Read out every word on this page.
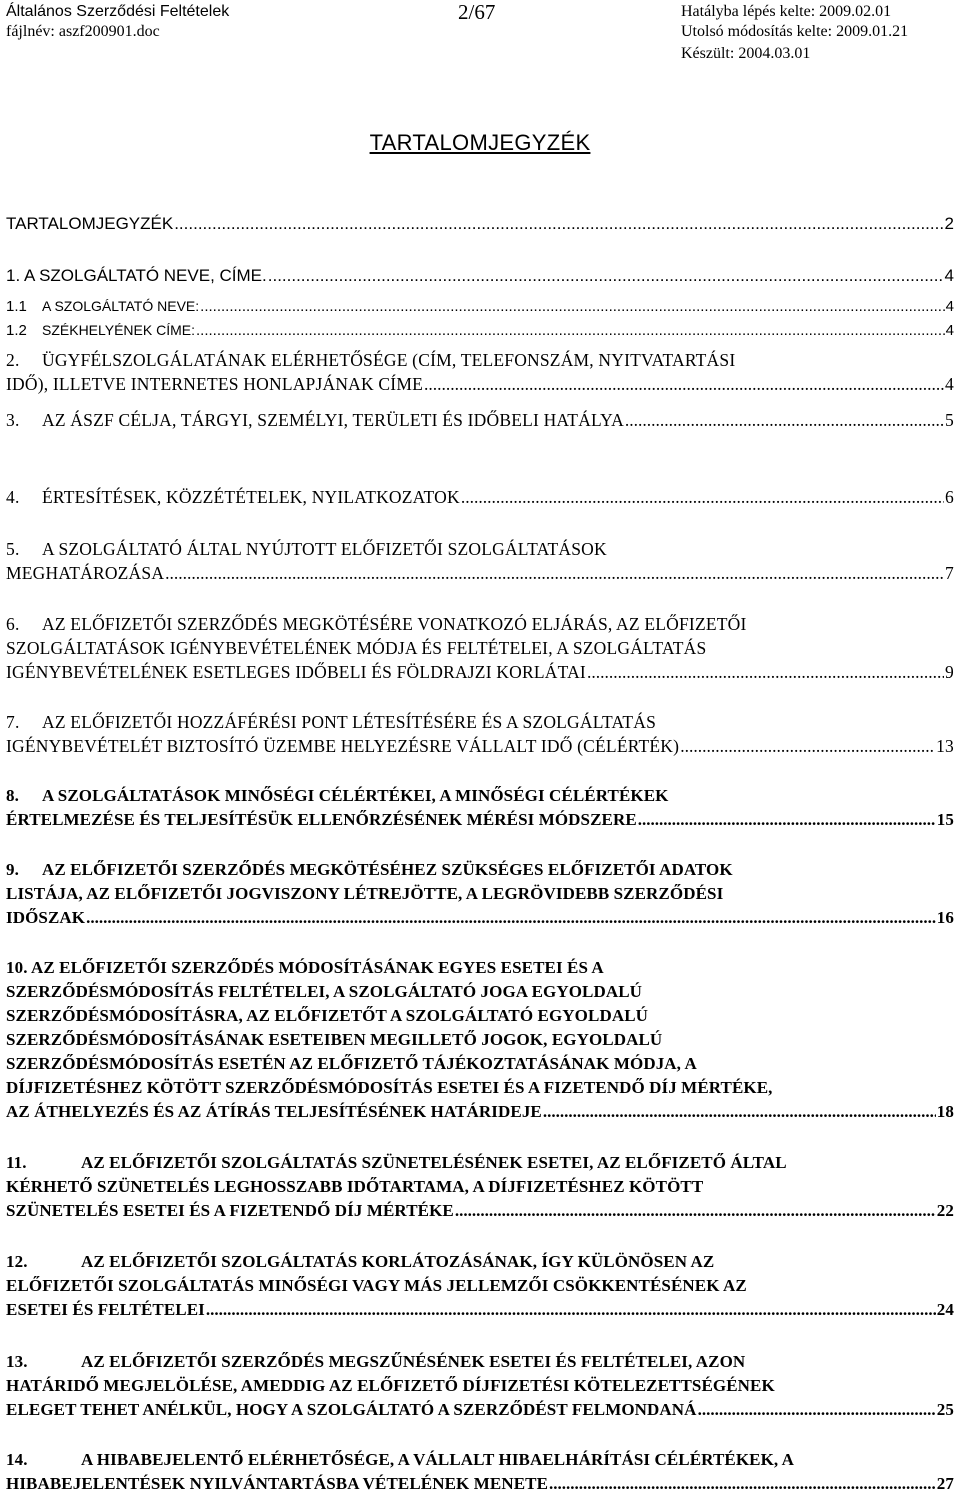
Általános Szerződési Feltételek
fájlnév: aszf200901.doc
2/67	Hatályba lépés kelte: 2009.02.01
Utolsó módosítás kelte: 2009.01.21
Készült: 2004.03.01
TARTALOMJEGYZÉK
TARTALOMJEGYZÉK .....	2
1. A SZOLGÁLTATÓ NEVE, CÍME. .....	4
1.1 A SZOLGÁLTATÓ NEVE: .....	4
1.2 SZÉKHELYÉNEK CÍME: .....	4
2. ÜGYFÉLSZOLGÁLATÁNAK ELÉRHETŐSÉGE (CÍM, TELEFONSZÁM, NYITVATARTÁSI
IDŐ), ILLETVE INTERNETES HONLAPJÁNAK CÍME .....	4
3. AZ ÁSZF CÉLJA, TÁRGYI, SZEMÉLYI, TERÜLETI ÉS IDŐBELI HATÁLYA .....	5
4. ÉRTESÍTÉSEK, KÖZZÉTÉTELEK, NYILATKOZATOK .....	6
5. A SZOLGÁLTATÓ ÁLTAL NYÚJTOTT ELŐFIZETŐI SZOLGÁLTATÁSOK
MEGHATÁROZÁSA .....	7
6. AZ ELŐFIZETŐI SZERZŐDÉS MEGKÖTÉSÉRE VONATKOZÓ ELJÁRÁS, AZ ELŐFIZETŐI
SZOLGÁLTATÁSOK IGÉNYBEVÉTELÉNEK MÓDJA ÉS FELTÉTELEI, A SZOLGÁLTATÁS
IGÉNYBEVÉTELÉNEK ESETLEGES IDŐBELI ÉS FÖLDRAJZI KORLÁTAI .....	9
7. AZ ELŐFIZETŐI HOZZÁFÉRÉSI PONT LÉTESÍTÉSÉRE ÉS A SZOLGÁLTATÁS
IGÉNYBEVÉTELÉT BIZTOSÍTÓ ÜZEMBE HELYEZÉSRE VÁLLALT IDŐ (CÉLÉRTÉK) .....	13
8. A SZOLGÁLTATÁSOK MINŐSÉGI CÉLÉRTÉKEI, A MINŐSÉGI CÉLÉRTÉKEK
ÉRTELMEZÉSE ÉS TELJESÍTÉSÜK ELLENŐRZÉSÉNEK MÉRÉSI MÓDSZERE .....	15
9. AZ ELŐFIZETŐI SZERZŐDÉS MEGKÖTÉSÉHEZ SZÜKSÉGES ELŐFIZETŐI ADATOK
LISTÁJA, AZ ELŐFIZETŐI JOGVISZONY LÉTREJÖTTE, A LEGRÖVIDEBB SZERZŐDÉSI
IDŐSZAK .....	16
10. AZ ELŐFIZETŐI SZERZŐDÉS MÓDOSÍTÁSÁNAK EGYES ESETEI ÉS A
SZERZŐDÉSMÓDOSÍTÁS FELTÉTELEI, A SZOLGÁLTATÓ JOGA EGYOLDALÚ
SZERZŐDÉSMÓDOSÍTÁSRA, AZ ELŐFIZETŐT A SZOLGÁLTATÓ EGYOLDALÚ
SZERZŐDÉSMÓDOSÍTÁSÁNAK ESETEIBEN MEGILLETŐ JOGOK, EGYOLDALÚ
SZERZŐDÉSMÓDOSÍTÁS ESETÉN AZ ELŐFIZETŐ TÁJÉKOZTATÁSÁNAK MÓDJA, A
DÍJFIZETÉSHEZ KÖTÖTT SZERZŐDÉSMÓDOSÍTÁS ESETEI ÉS A FIZETENDŐ DÍJ MÉRTÉKE,
AZ ÁTHELYEZÉS ÉS AZ ÁTÍRÁS TELJESÍTÉSÉNEK HATÁRIDEJE .....	18
11.	AZ ELŐFIZETŐI SZOLGÁLTATÁS SZÜNETELÉSÉNEK ESETEI, AZ ELŐFIZETŐ ÁLTAL
KÉRHETŐ SZÜNETELÉS LEGHOSSZABB IDŐTARTAMA, A DÍJFIZETÉSHEZ KÖTÖTT
SZÜNETELÉS ESETEI ÉS A FIZETENDŐ DÍJ MÉRTÉKE .....	22
12.	AZ ELŐFIZETŐI SZOLGÁLTATÁS KORLÁTOZÁSÁNAK, ÍGY KÜLÖNÖSEN AZ
ELŐFIZETŐI SZOLGÁLTATÁS MINŐSÉGI VAGY MÁS JELLEMZŐI CSÖKKENTÉSÉNEK AZ
ESETEI ÉS FELTÉTELEI .....	24
13.	AZ ELŐFIZETŐI SZERZŐDÉS MEGSZŰNÉSÉNEK ESETEI ÉS FELTÉTELEI, AZON
HATÁRIDŐ MEGJELÖLÉSE, AMEDDIG AZ ELŐFIZETŐ DÍJFIZETÉSI KÖTELEZETTSÉGÉNEK
ELEGET TEHET ANÉLKÜL, HOGY A SZOLGÁLTATÓ A SZERZŐDÉST FELMONDANÁ .....	25
14.	A HIBABEJELENTŐ ELÉRHETŐSÉGE, A VÁLLALT HIBAELHÁRÍTÁSI CÉLÉRTÉKEK, A
HIBABEJELENTÉSEK NYILVÁNTARTÁSBA VÉTELÉNEK MENETE .....	27
